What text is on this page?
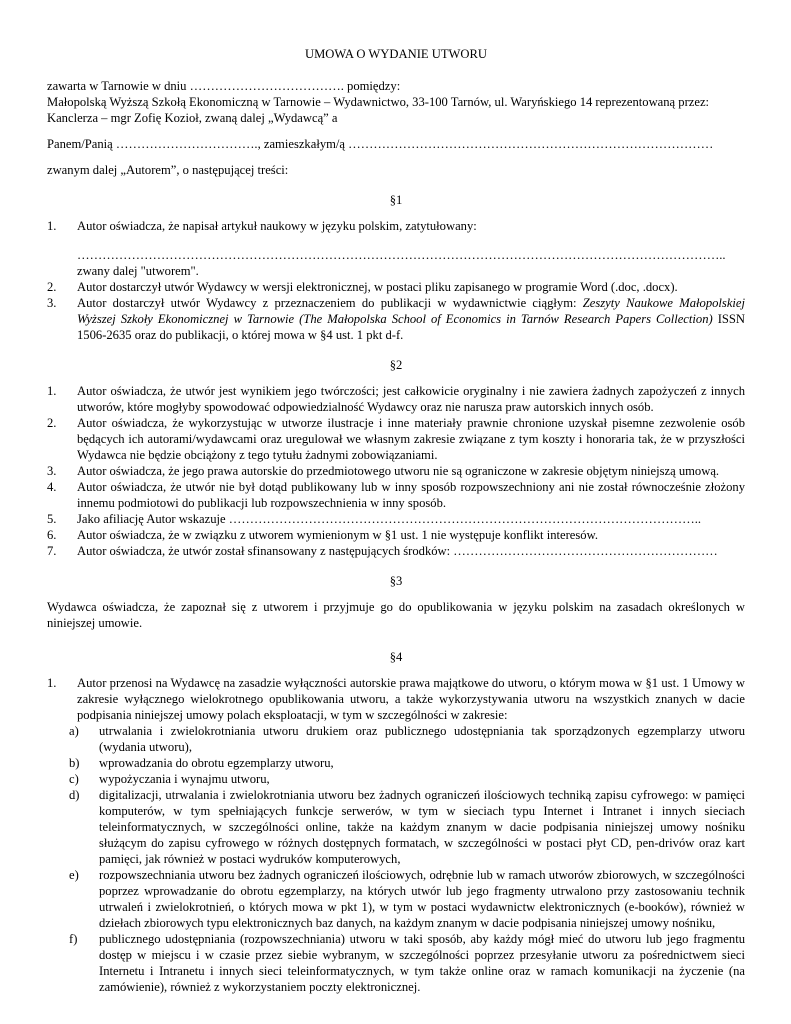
UMOWA O WYDANIE UTWORU

zawarta w Tarnowie w dniu ………………………………. pomiędzy:

Małopolską Wyższą Szkołą Ekonomiczną w Tarnowie – Wydawnictwo, 33-100 Tarnów, ul. Waryńskiego 14 reprezentowaną przez:

Kanclerza – mgr Zofię Kozioł, zwaną dalej „Wydawcą” a

Panem/Panią ……………………………., zamieszkałym/ą ……………………………………………………………………………

zwanym dalej „Autorem”, o następującej treści:

§1

1. Autor oświadcza, że napisał artykuł naukowy w języku polskim, zatytułowany:
………………………………………………………………………………………………………………………………………..
zwany dalej "utworem".
2. Autor dostarczył utwór Wydawcy w wersji elektronicznej, w postaci pliku zapisanego w programie Word (.doc, .docx).
3. Autor dostarczył utwór Wydawcy z przeznaczeniem do publikacji w wydawnictwie ciągłym: Zeszyty Naukowe Małopolskiej Wyższej Szkoły Ekonomicznej w Tarnowie (The Małopolska School of Economics in Tarnów Research Papers Collection) ISSN 1506-2635 oraz do publikacji, o której mowa w §4 ust. 1 pkt d-f.

§2

1. Autor oświadcza, że utwór jest wynikiem jego twórczości; jest całkowicie oryginalny i nie zawiera żadnych zapożyczeń z innych utworów, które mogłyby spowodować odpowiedzialność Wydawcy oraz nie narusza praw autorskich innych osób.
2. Autor oświadcza, że wykorzystując w utworze ilustracje i inne materiały prawnie chronione uzyskał pisemne zezwolenie osób będących ich autorami/wydawcami oraz uregulował we własnym zakresie związane z tym koszty i honoraria tak, że w przyszłości Wydawca nie będzie obciążony z tego tytułu żadnymi zobowiązaniami.
3. Autor oświadcza, że jego prawa autorskie do przedmiotowego utworu nie są ograniczone w zakresie objętym niniejszą umową.
4. Autor oświadcza, że utwór nie był dotąd publikowany lub w inny sposób rozpowszechniony ani nie został równocześnie złożony innemu podmiotowi do publikacji lub rozpowszechnienia w inny sposób.
5. Jako afiliację Autor wskazuje …………………………………………………………………………………………………..
6. Autor oświadcza, że w związku z utworem wymienionym w §1 ust. 1 nie występuje konflikt interesów.
7. Autor oświadcza, że utwór został sfinansowany z następujących środków: ………………………………………………………

§3

Wydawca oświadcza, że zapoznał się z utworem i przyjmuje go do opublikowania w języku polskim na zasadach określonych w niniejszej umowie.

§4

1. Autor przenosi na Wydawcę na zasadzie wyłączności autorskie prawa majątkowe do utworu, o którym mowa w §1 ust. 1 Umowy w zakresie wyłącznego wielokrotnego opublikowania utworu, a także wykorzystywania utworu na wszystkich znanych w dacie podpisania niniejszej umowy polach eksploatacji, w tym w szczególności w zakresie:
a) utrwalania i zwielokrotniania utworu drukiem oraz publicznego udostępniania tak sporządzonych egzemplarzy utworu (wydania utworu),
b) wprowadzania do obrotu egzemplarzy utworu,
c) wypożyczania i wynajmu utworu,
d) digitalizacji, utrwalania i zwielokrotniania utworu bez żadnych ograniczeń ilościowych techniką zapisu cyfrowego: w pamięci komputerów, w tym spełniających funkcje serwerów, w tym w sieciach typu Internet i Intranet i innych sieciach teleinformatycznych, w szczególności online, także na każdym znanym w dacie podpisania niniejszej umowy nośniku służącym do zapisu cyfrowego w różnych dostępnych formatach, w szczególności w postaci płyt CD, pen-drivów oraz kart pamięci, jak również w postaci wydruków komputerowych,
e) rozpowszechniania utworu bez żadnych ograniczeń ilościowych, odrębnie lub w ramach utworów zbiorowych, w szczególności poprzez wprowadzanie do obrotu egzemplarzy, na których utwór lub jego fragmenty utrwalono przy zastosowaniu technik utrwaleń i zwielokrotnień, o których mowa w pkt 1), w tym w postaci wydawnictw elektronicznych (e-booków), również w dziełach zbiorowych typu elektronicznych baz danych, na każdym znanym w dacie podpisania niniejszej umowy nośniku,
f) publicznego udostępniania (rozpowszechniania) utworu w taki sposób, aby każdy mógł mieć do utworu lub jego fragmentu dostęp w miejscu i w czasie przez siebie wybranym, w szczególności poprzez przesyłanie utworu za pośrednictwem sieci Internetu i Intranetu i innych sieci teleinformatycznych, w tym także online oraz w ramach komunikacji na życzenie (na zamówienie), również z wykorzystaniem poczty elektronicznej.
